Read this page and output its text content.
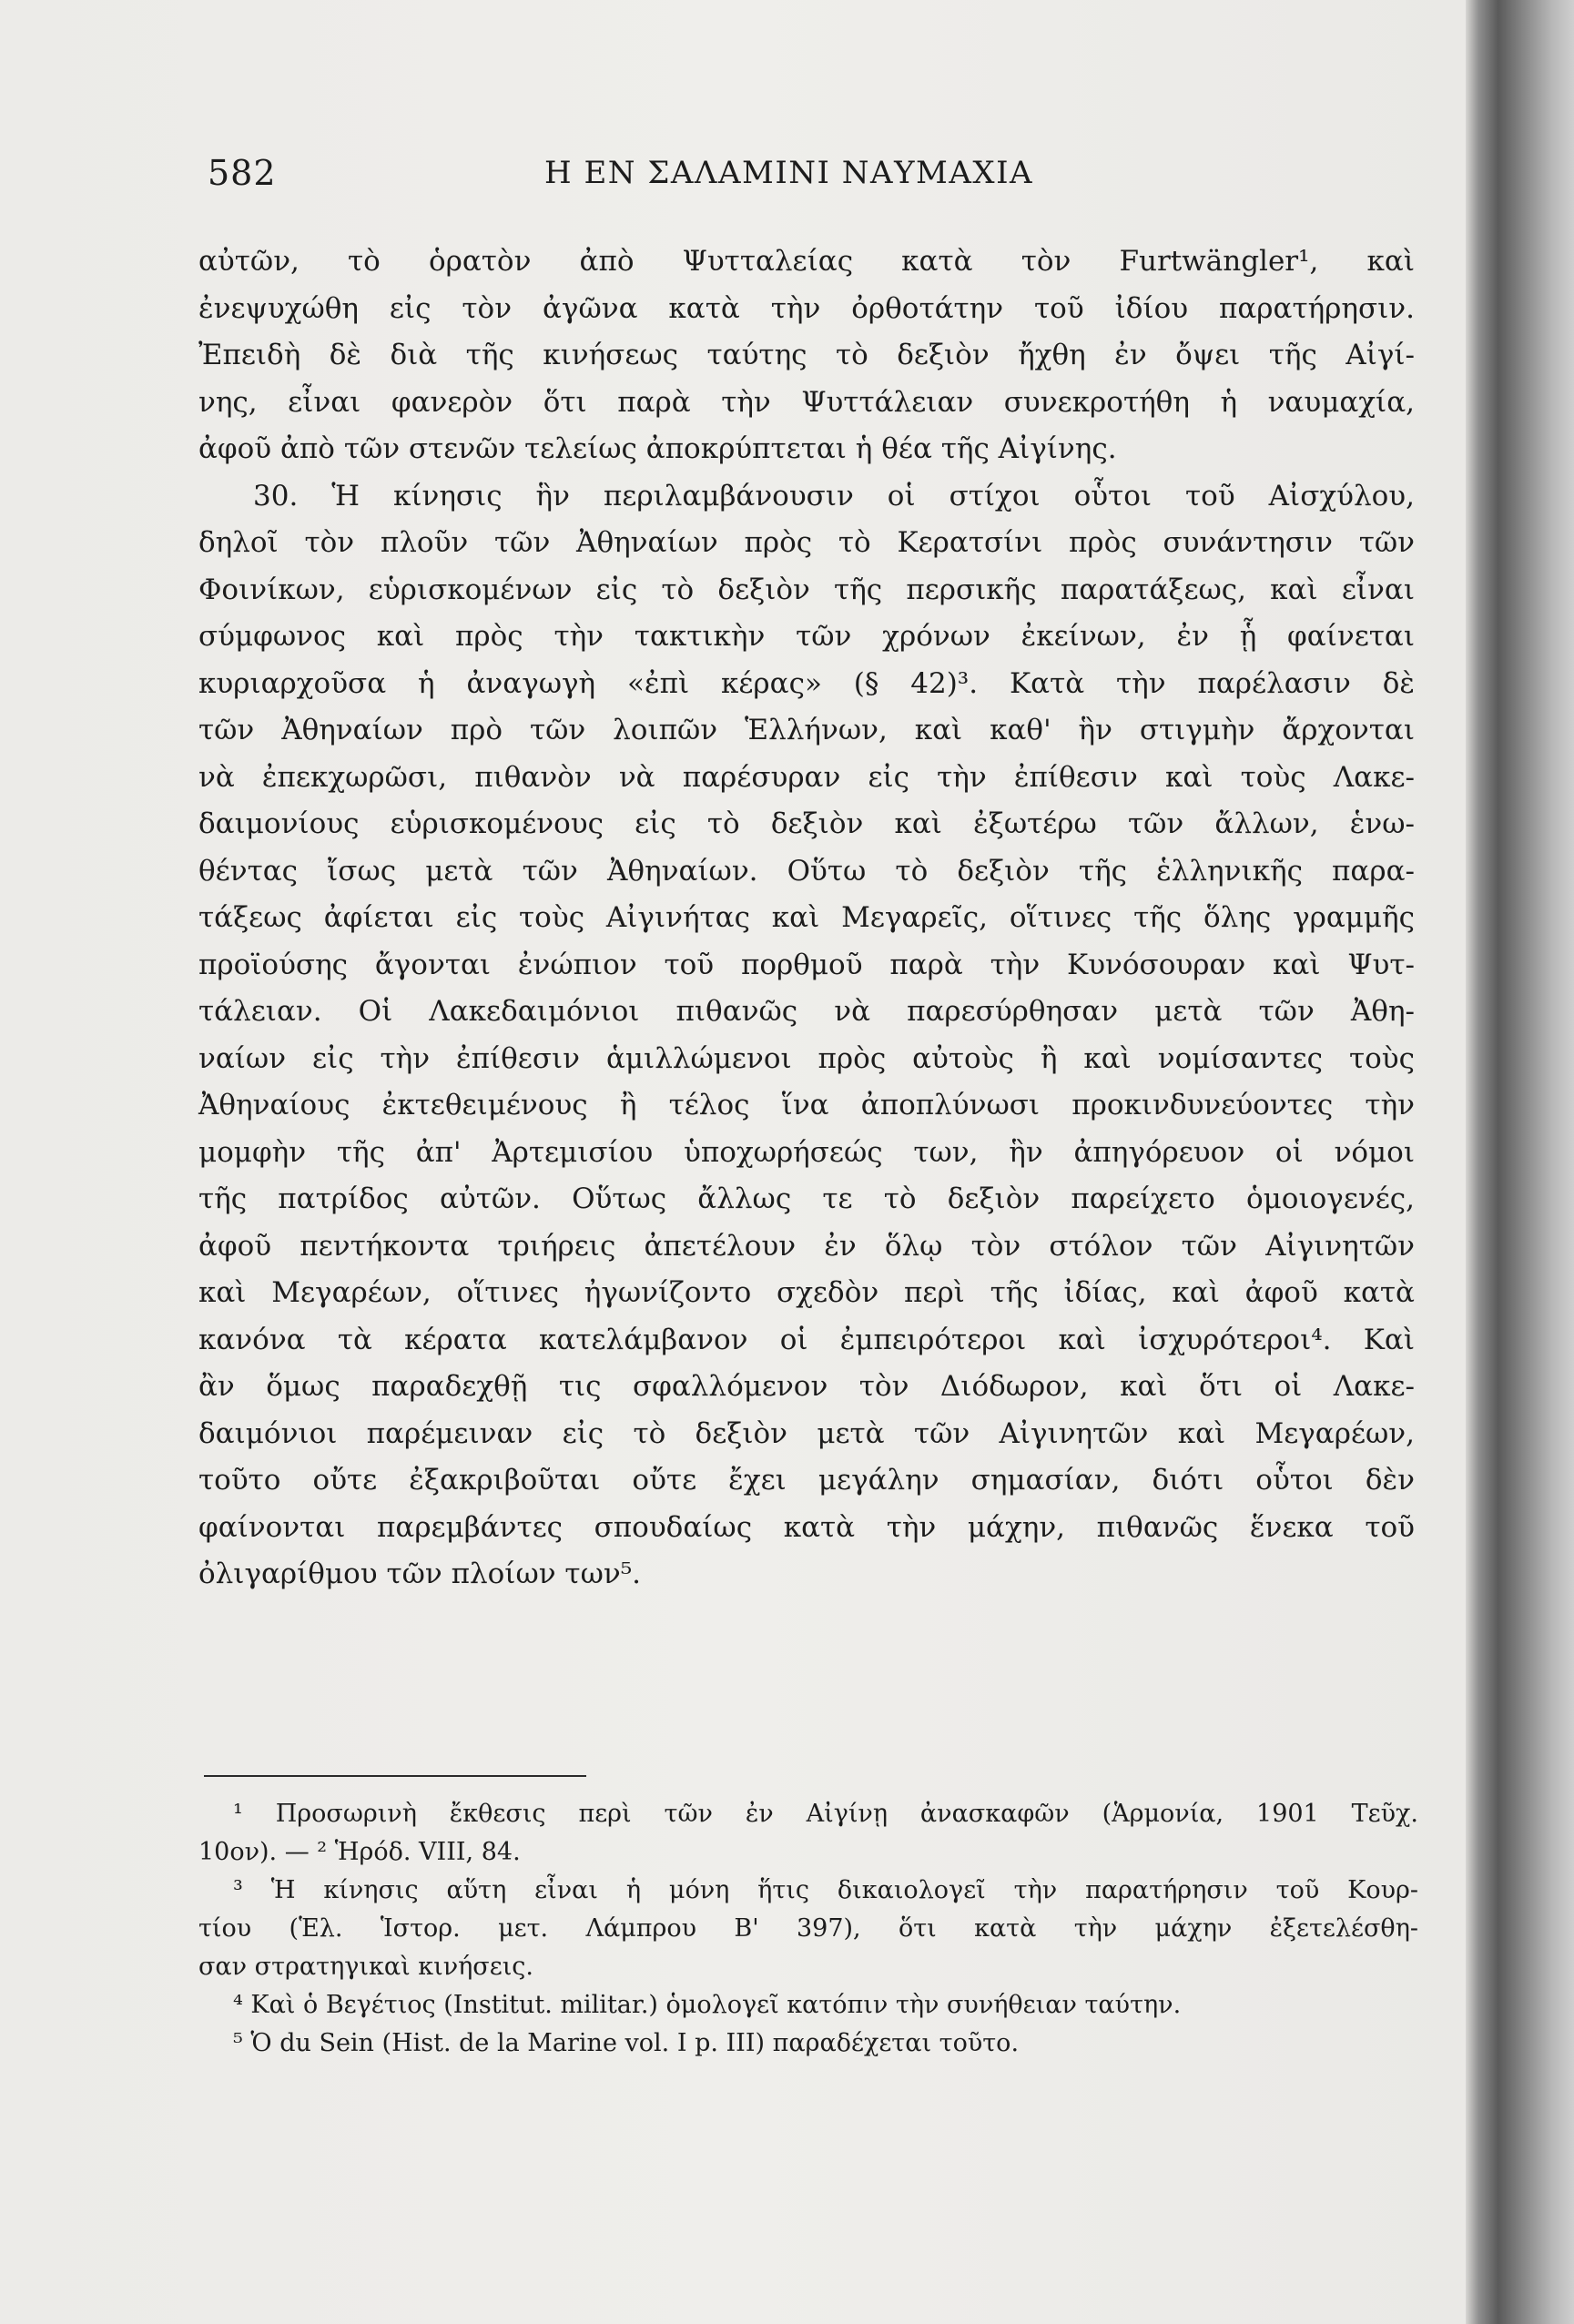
582	Η ΕΝ ΣΑΛΑΜΙΝΙ ΝΑΥΜΑΧΙΑ
αὐτῶν, τὸ ὁρατὸν ἀπὸ Ψυτταλείας κατὰ τὸν Furtwängler¹, καὶ
ἐνεψυχώθη εἰς τὸν ἀγῶνα κατὰ τὴν ὀρθοτάτην τοῦ ἰδίου παρατήρησιν.
Ἐπειδὴ δὲ διὰ τῆς κινήσεως ταύτης τὸ δεξιὸν ἤχθη ἐν ὄψει τῆς Αἰγί-
νης, εἶναι φανερὸν ὅτι παρὰ τὴν Ψυττάλειαν συνεκροτήθη ἡ ναυμαχία,
ἀφοῦ ἀπὸ τῶν στενῶν τελείως ἀποκρύπτεται ἡ θέα τῆς Αἰγίνης.
30. Ἡ κίνησις ἣν περιλαμβάνουσιν οἱ στίχοι οὗτοι τοῦ Αἰσχύλου,
δηλοῖ τὸν πλοῦν τῶν Ἀθηναίων πρὸς τὸ Κερατσίνι πρὸς συνάντησιν τῶν
Φοινίκων, εὑρισκομένων εἰς τὸ δεξιὸν τῆς περσικῆς παρατάξεως, καὶ εἶναι
σύμφωνος καὶ πρὸς τὴν τακτικὴν τῶν χρόνων ἐκείνων, ἐν ᾗ φαίνεται
κυριαρχοῦσα ἡ ἀναγωγὴ «ἐπὶ κέρας» (§ 42)³. Κατὰ τὴν παρέλασιν δὲ
τῶν Ἀθηναίων πρὸ τῶν λοιπῶν Ἑλλήνων, καὶ καθ' ἣν στιγμὴν ἄρχονται
νὰ ἐπεκχωρῶσι, πιθανὸν νὰ παρέσυραν εἰς τὴν ἐπίθεσιν καὶ τοὺς Λακε-
δαιμονίους εὑρισκομένους εἰς τὸ δεξιὸν καὶ ἐξωτέρω τῶν ἄλλων, ἑνω-
θέντας ἴσως μετὰ τῶν Ἀθηναίων. Οὕτω τὸ δεξιὸν τῆς ἑλληνικῆς παρα-
τάξεως ἀφίεται εἰς τοὺς Αἰγινήτας καὶ Μεγαρεῖς, οἵτινες τῆς ὅλης γραμμῆς
προϊούσης ἄγονται ἐνώπιον τοῦ πορθμοῦ παρὰ τὴν Κυνόσουραν καὶ Ψυτ-
τάλειαν. Οἱ Λακεδαιμόνιοι πιθανῶς νὰ παρεσύρθησαν μετὰ τῶν Ἀθη-
ναίων εἰς τὴν ἐπίθεσιν ἁμιλλώμενοι πρὸς αὐτοὺς ἢ καὶ νομίσαντες τοὺς
Ἀθηναίους ἐκτεθειμένους ἢ τέλος ἵνα ἀποπλύνωσι προκινδυνεύοντες τὴν
μομφὴν τῆς ἀπ' Ἀρτεμισίου ὑποχωρήσεώς των, ἣν ἀπηγόρευον οἱ νόμοι
τῆς πατρίδος αὐτῶν. Οὕτως ἄλλως τε τὸ δεξιὸν παρείχετο ὁμοιογενές,
ἀφοῦ πεντήκοντα τριήρεις ἀπετέλουν ἐν ὅλῳ τὸν στόλον τῶν Αἰγινητῶν
καὶ Μεγαρέων, οἵτινες ἠγωνίζοντο σχεδὸν περὶ τῆς ἰδίας, καὶ ἀφοῦ κατὰ
κανόνα τὰ κέρατα κατελάμβανον οἱ ἐμπειρότεροι καὶ ἰσχυρότεροι⁴. Καὶ
ἂν ὅμως παραδεχθῇ τις σφαλλόμενον τὸν Διόδωρον, καὶ ὅτι οἱ Λακε-
δαιμόνιοι παρέμειναν εἰς τὸ δεξιὸν μετὰ τῶν Αἰγινητῶν καὶ Μεγαρέων,
τοῦτο οὔτε ἐξακριβοῦται οὔτε ἔχει μεγάλην σημασίαν, διότι οὗτοι δὲν
φαίνονται παρεμβάντες σπουδαίως κατὰ τὴν μάχην, πιθανῶς ἕνεκα τοῦ
ὀλιγαρίθμου τῶν πλοίων των⁵.
¹ Προσωρινὴ ἔκθεσις περὶ τῶν ἐν Αἰγίνῃ ἀνασκαφῶν (Ἁρμονία, 1901 Τεῦχ.
10ον). — ² Ἡρόδ. VIII, 84.
³ Ἡ κίνησις αὕτη εἶναι ἡ μόνη ἥτις δικαιολογεῖ τὴν παρατήρησιν τοῦ Κουρ-
τίου (Ἑλ. Ἱστορ. μετ. Λάμπρου Β' 397), ὅτι κατὰ τὴν μάχην ἐξετελέσθη-
σαν στρατηγικαὶ κινήσεις.
⁴ Καὶ ὁ Βεγέτιος (Institut. militar.) ὁμολογεῖ κατόπιν τὴν συνήθειαν ταύτην.
⁵ Ὁ du Sein (Hist. de la Marine vol. I p. III) παραδέχεται τοῦτο.
